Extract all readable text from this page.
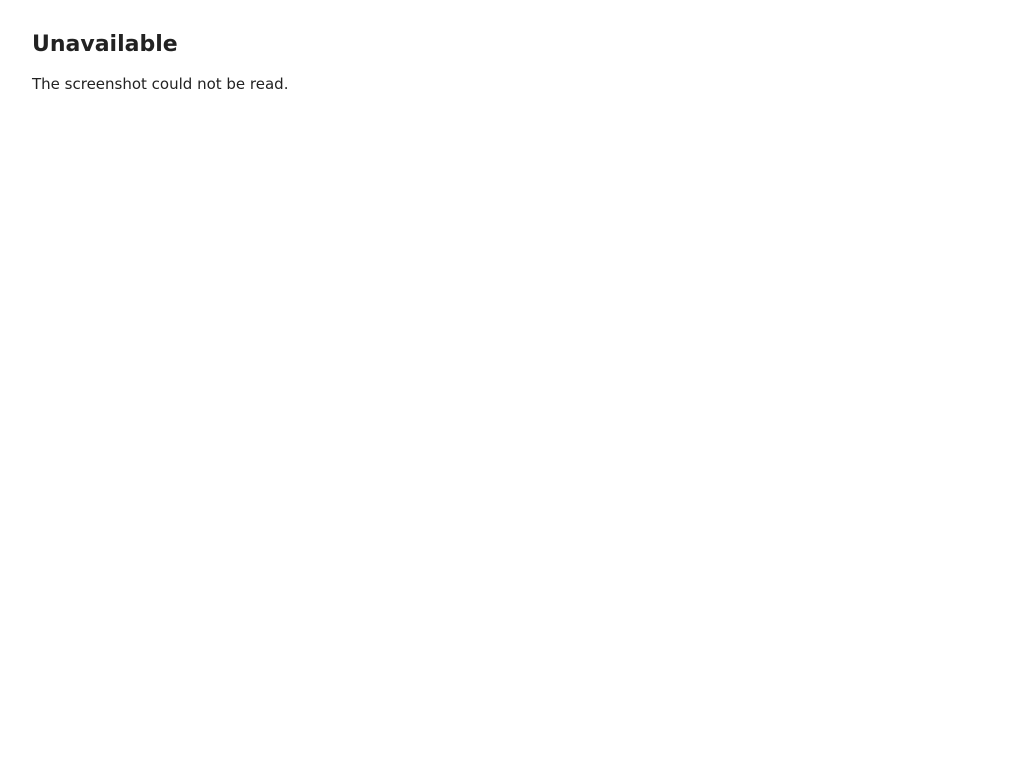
Unavailable

The screenshot could not be read.
